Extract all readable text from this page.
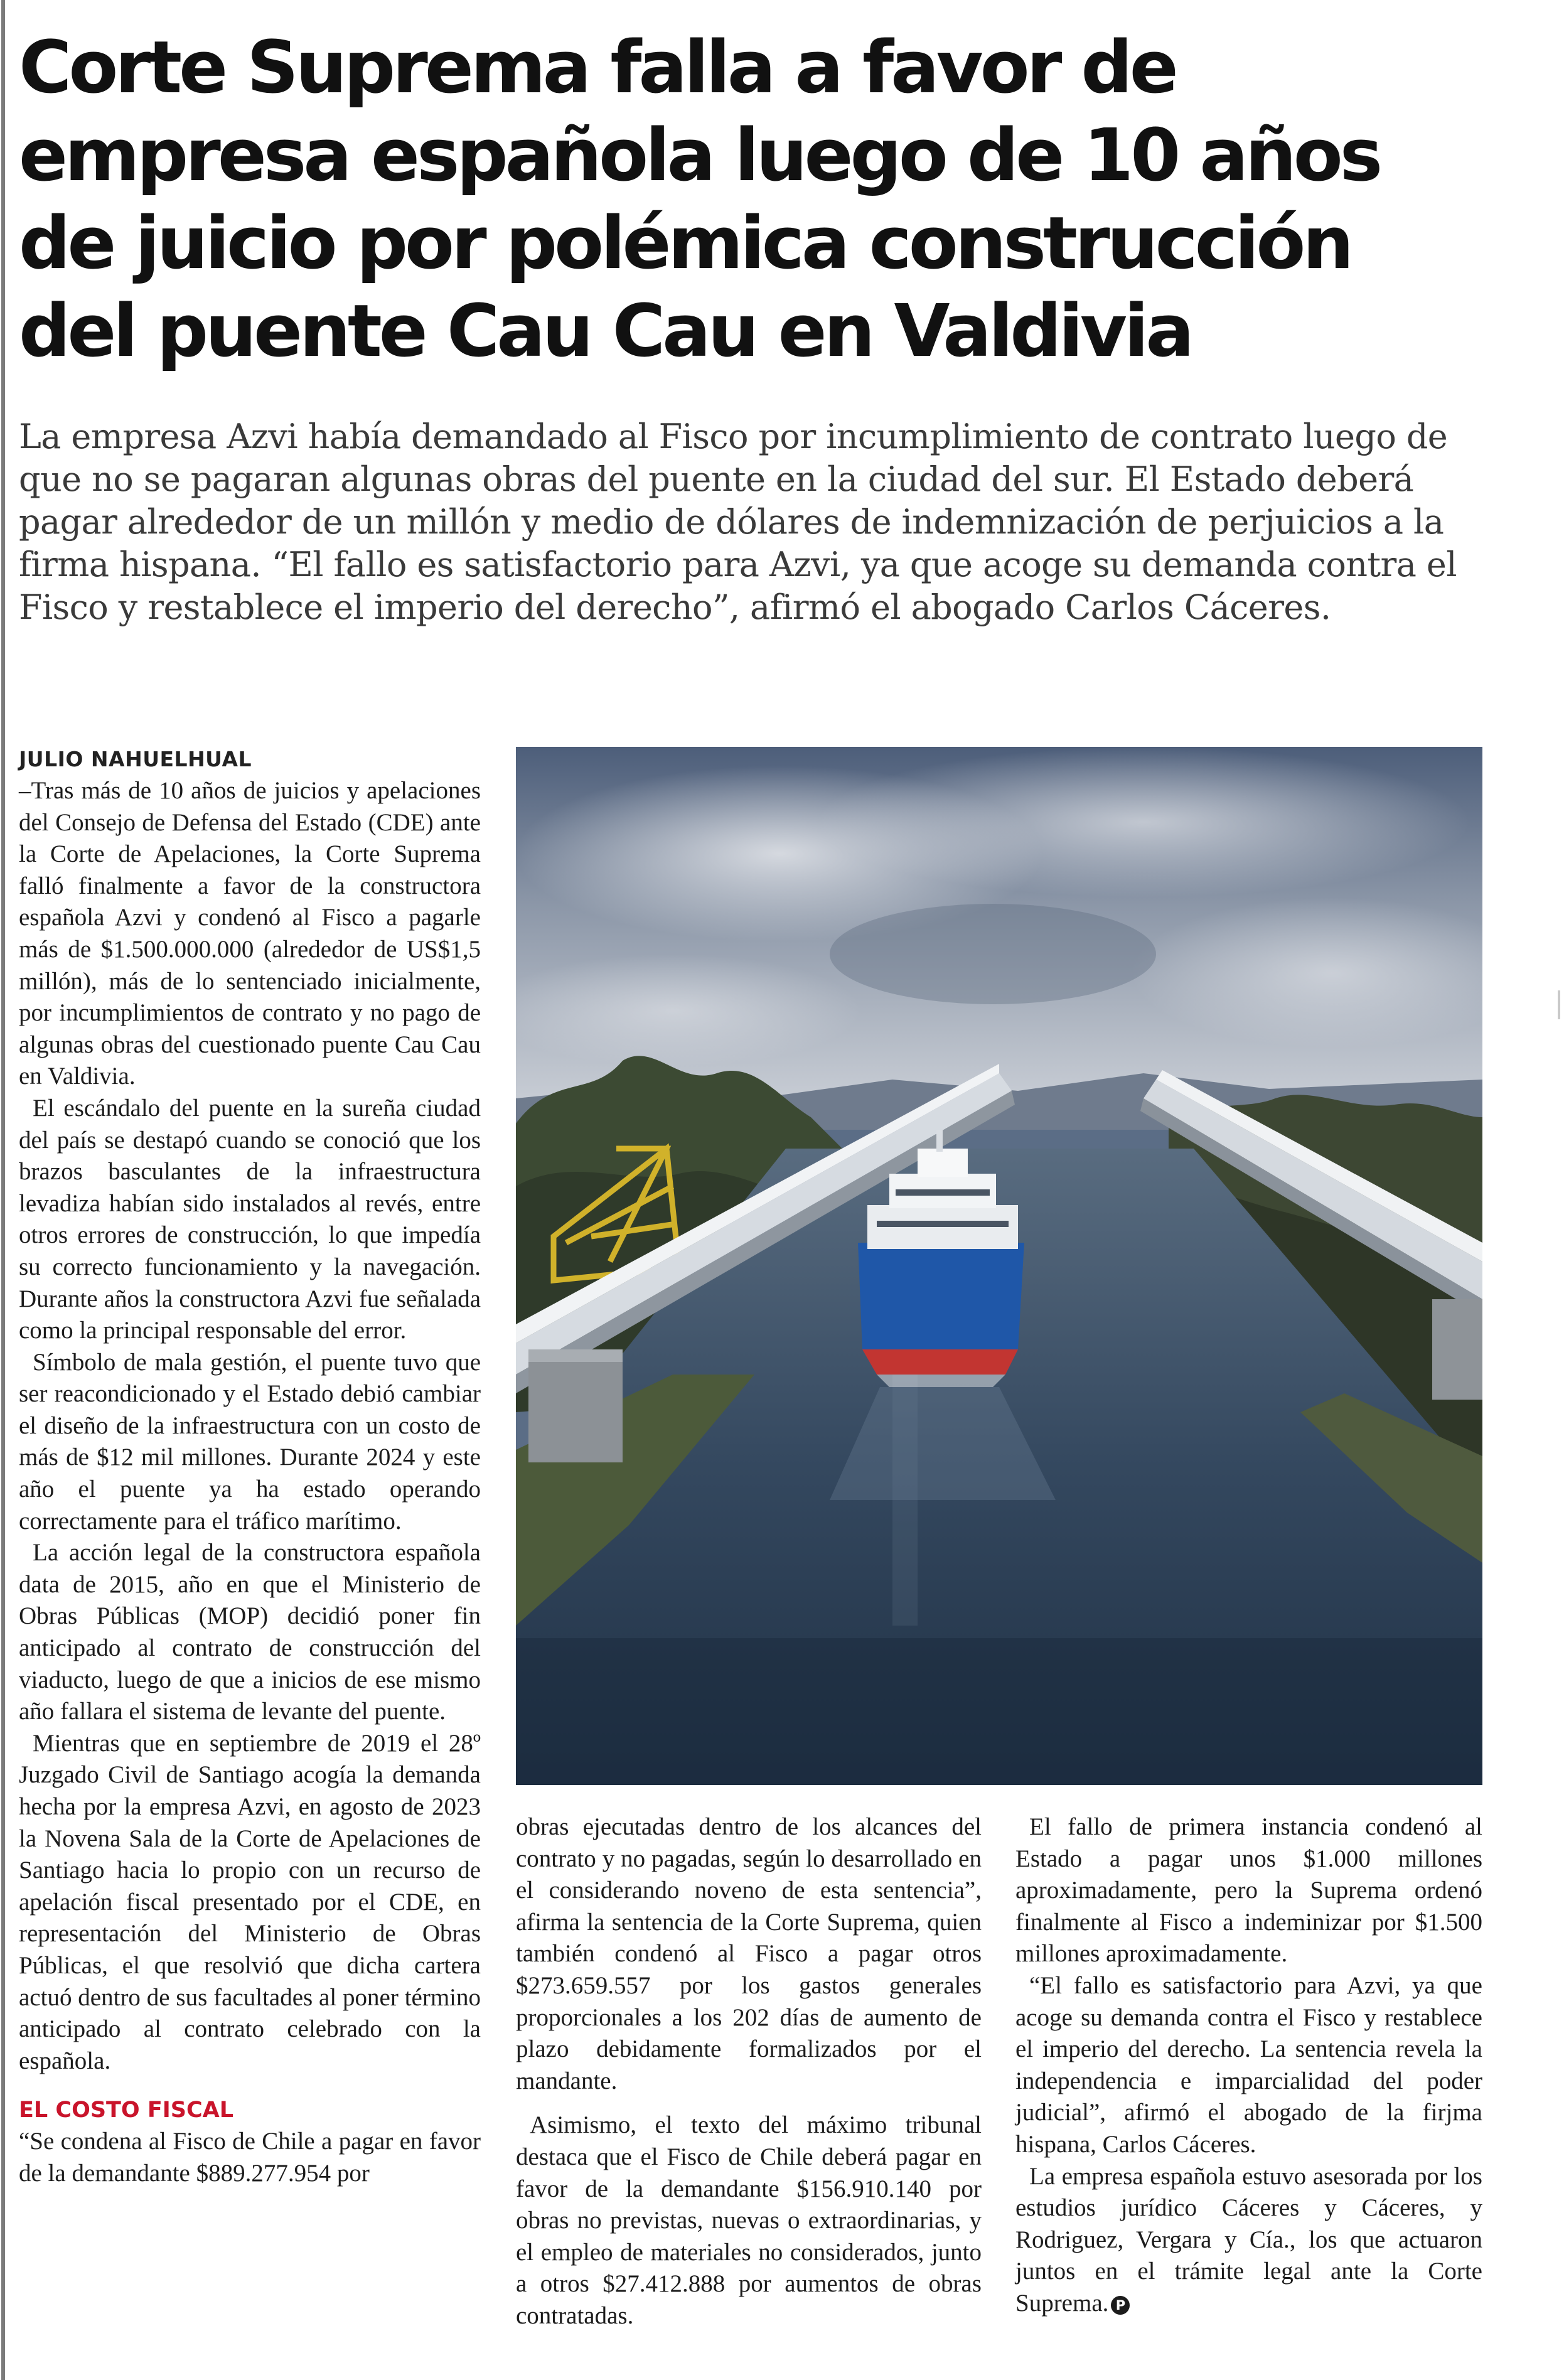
Corte Suprema falla a favor de empresa española luego de 10 años de juicio por polémica construcción del puente Cau Cau en Valdivia

La empresa Azvi había demandado al Fisco por incumplimiento de contrato luego de que no se pagaran algunas obras del puente en la ciudad del sur. El Estado deberá pagar alrededor de un millón y medio de dólares de indemnización de perjuicios a la firma hispana. “El fallo es satisfactorio para Azvi, ya que acoge su demanda contra el Fisco y restablece el imperio del derecho”, afirmó el abogado Carlos Cáceres.

JULIO NAHUELHUAL

–Tras más de 10 años de juicios y apelaciones del Consejo de Defensa del Estado (CDE) ante la Corte de Apelaciones, la Corte Suprema falló finalmente a favor de la constructora española Azvi y condenó al Fisco a pagarle más de $1.500.000.000 (alrededor de US$1,5 millón), más de lo sentenciado inicialmente, por incumplimientos de contrato y no pago de algunas obras del cuestionado puente Cau Cau en Valdivia.

El escándalo del puente en la sureña ciudad del país se destapó cuando se conoció que los brazos basculantes de la infraestructura levadiza habían sido instalados al revés, entre otros errores de construcción, lo que impedía su correcto funcionamiento y la navegación. Durante años la constructora Azvi fue señalada como la principal responsable del error.

Símbolo de mala gestión, el puente tuvo que ser reacondicionado y el Estado debió cambiar el diseño de la infraestructura con un costo de más de $12 mil millones. Durante 2024 y este año el puente ya ha estado operando correctamente para el tráfico marítimo.

La acción legal de la constructora española data de 2015, año en que el Ministerio de Obras Públicas (MOP) decidió poner fin anticipado al contrato de construcción del viaducto, luego de que a inicios de ese mismo año fallara el sistema de levante del puente.

Mientras que en septiembre de 2019 el 28º Juzgado Civil de Santiago acogía la demanda hecha por la empresa Azvi, en agosto de 2023 la Novena Sala de la Corte de Apelaciones de Santiago hacia lo propio con un recurso de apelación fiscal presentado por el CDE, en representación del Ministerio de Obras Públicas, el que resolvió que dicha cartera actuó dentro de sus facultades al poner término anticipado al contrato celebrado con la española.

EL COSTO FISCAL

“Se condena al Fisco de Chile a pagar en favor de la demandante $889.277.954 por

obras ejecutadas dentro de los alcances del contrato y no pagadas, según lo desarrollado en el considerando noveno de esta sentencia”, afirma la sentencia de la Corte Suprema, quien también condenó al Fisco a pagar otros $273.659.557 por los gastos generales proporcionales a los 202 días de aumento de plazo debidamente formalizados por el mandante.

Asimismo, el texto del máximo tribunal destaca que el Fisco de Chile deberá pagar en favor de la demandante $156.910.140 por obras no previstas, nuevas o extraordinarias, y el empleo de materiales no considerados, junto a otros $27.412.888 por aumentos de obras contratadas.

El fallo de primera instancia condenó al Estado a pagar unos $1.000 millones aproximadamente, pero la Suprema ordenó finalmente al Fisco a indeminizar por $1.500 millones aproximadamente.

“El fallo es satisfactorio para Azvi, ya que acoge su demanda contra el Fisco y restablece el imperio del derecho. La sentencia revela la independencia e imparcialidad del poder judicial”, afirmó el abogado de la firjma hispana, Carlos Cáceres.

La empresa española estuvo asesorada por los estudios jurídico Cáceres y Cáceres, y Rodriguez, Vergara y Cía., los que actuaron juntos en el trámite legal ante la Corte Suprema. P
